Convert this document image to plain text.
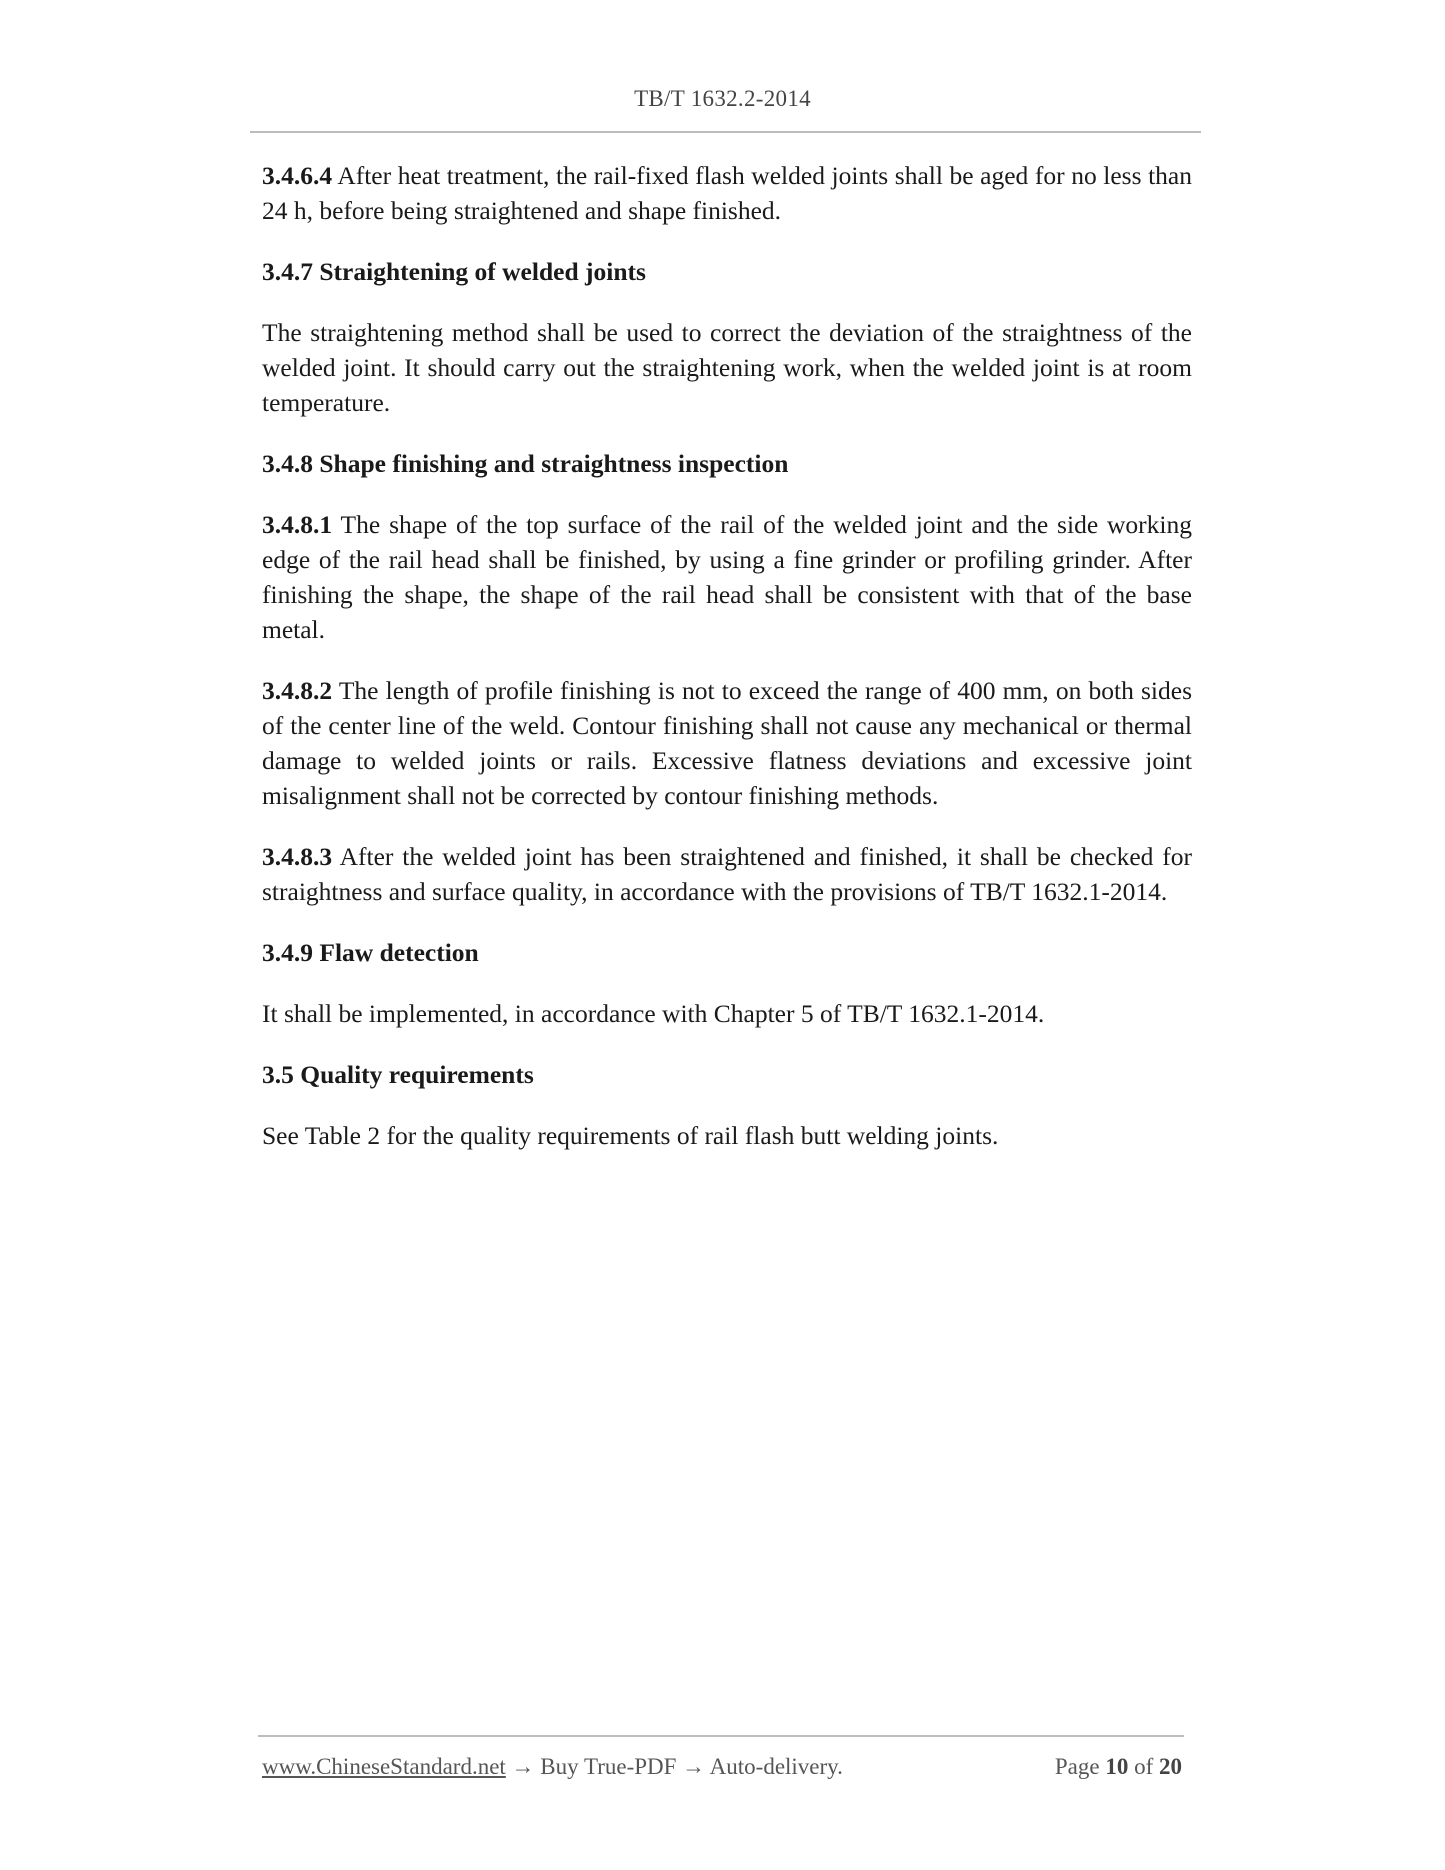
TB/T 1632.2-2014

3.4.6.4 After heat treatment, the rail-fixed flash welded joints shall be aged for no less than 24 h, before being straightened and shape finished.

3.4.7 Straightening of welded joints

The straightening method shall be used to correct the deviation of the straightness of the welded joint. It should carry out the straightening work, when the welded joint is at room temperature.

3.4.8 Shape finishing and straightness inspection

3.4.8.1 The shape of the top surface of the rail of the welded joint and the side working edge of the rail head shall be finished, by using a fine grinder or profiling grinder. After finishing the shape, the shape of the rail head shall be consistent with that of the base metal.

3.4.8.2 The length of profile finishing is not to exceed the range of 400 mm, on both sides of the center line of the weld. Contour finishing shall not cause any mechanical or thermal damage to welded joints or rails. Excessive flatness deviations and excessive joint misalignment shall not be corrected by contour finishing methods.

3.4.8.3 After the welded joint has been straightened and finished, it shall be checked for straightness and surface quality, in accordance with the provisions of TB/T 1632.1-2014.

3.4.9 Flaw detection

It shall be implemented, in accordance with Chapter 5 of TB/T 1632.1-2014.

3.5 Quality requirements

See Table 2 for the quality requirements of rail flash butt welding joints.

www.ChineseStandard.net → Buy True-PDF → Auto-delivery.	Page 10 of 20
